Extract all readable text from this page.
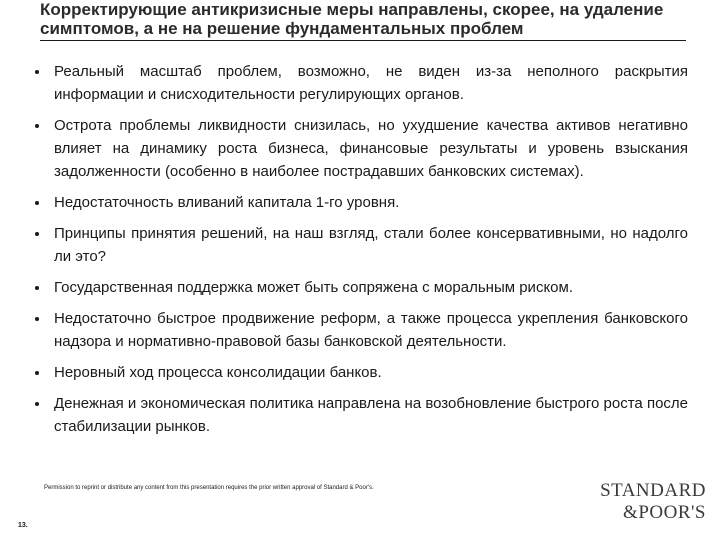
Корректирующие антикризисные меры направлены, скорее, на удаление симптомов, а не на решение фундаментальных проблем
Реальный масштаб проблем, возможно, не виден из-за неполного раскрытия информации и снисходительности регулирующих органов.
Острота проблемы ликвидности снизилась, но ухудшение качества активов негативно влияет на динамику роста бизнеса, финансовые результаты и уровень взыскания задолженности (особенно в наиболее пострадавших банковских системах).
Недостаточность вливаний капитала 1-го уровня.
Принципы принятия решений, на наш взгляд, стали более консервативными, но надолго ли это?
Государственная поддержка может быть сопряжена с моральным риском.
Недостаточно быстрое продвижение реформ, а также процесса укрепления банковского надзора и нормативно-правовой базы банковской деятельности.
Неровный ход процесса консолидации банков.
Денежная и экономическая политика направлена на возобновление быстрого роста после стабилизации рынков.
13.
Permission to reprint or distribute any content from this presentation requires the prior written approval of Standard & Poor's.	STANDARD
&POOR'S
